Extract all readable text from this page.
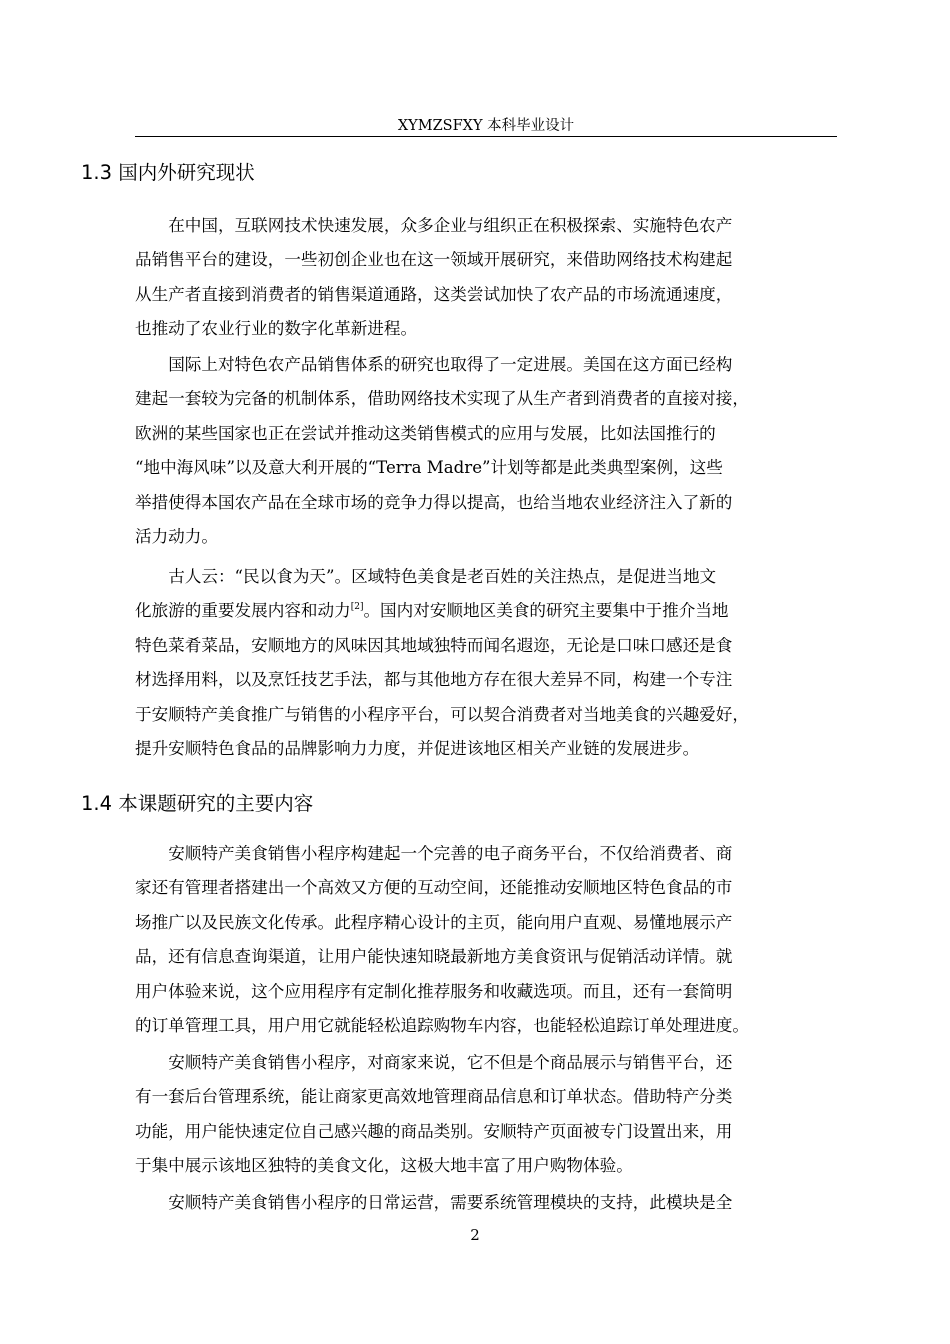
XYMZSFXY 本科毕业设计
1.3 国内外研究现状
在中国，互联网技术快速发展，众多企业与组织正在积极探索、实施特色农产
品销售平台的建设，一些初创企业也在这一领域开展研究，来借助网络技术构建起
从生产者直接到消费者的销售渠道通路，这类尝试加快了农产品的市场流通速度，
也推动了农业行业的数字化革新进程。
国际上对特色农产品销售体系的研究也取得了一定进展。美国在这方面已经构
建起一套较为完备的机制体系，借助网络技术实现了从生产者到消费者的直接对接，
欧洲的某些国家也正在尝试并推动这类销售模式的应用与发展，比如法国推行的
“地中海风味”以及意大利开展的“Terra Madre”计划等都是此类典型案例，这些
举措使得本国农产品在全球市场的竞争力得以提高，也给当地农业经济注入了新的
活力动力。
古人云：“民以食为天”。区域特色美食是老百姓的关注热点，是促进当地文
化旅游的重要发展内容和动力[2]。国内对安顺地区美食的研究主要集中于推介当地
特色菜肴菜品，安顺地方的风味因其地域独特而闻名遐迩，无论是口味口感还是食
材选择用料，以及烹饪技艺手法，都与其他地方存在很大差异不同，构建一个专注
于安顺特产美食推广与销售的小程序平台，可以契合消费者对当地美食的兴趣爱好，
提升安顺特色食品的品牌影响力力度，并促进该地区相关产业链的发展进步。
1.4 本课题研究的主要内容
安顺特产美食销售小程序构建起一个完善的电子商务平台，不仅给消费者、商
家还有管理者搭建出一个高效又方便的互动空间，还能推动安顺地区特色食品的市
场推广以及民族文化传承。此程序精心设计的主页，能向用户直观、易懂地展示产
品，还有信息查询渠道，让用户能快速知晓最新地方美食资讯与促销活动详情。就
用户体验来说，这个应用程序有定制化推荐服务和收藏选项。而且，还有一套简明
的订单管理工具，用户用它就能轻松追踪购物车内容，也能轻松追踪订单处理进度。
安顺特产美食销售小程序，对商家来说，它不但是个商品展示与销售平台，还
有一套后台管理系统，能让商家更高效地管理商品信息和订单状态。借助特产分类
功能，用户能快速定位自己感兴趣的商品类别。安顺特产页面被专门设置出来，用
于集中展示该地区独特的美食文化，这极大地丰富了用户购物体验。
安顺特产美食销售小程序的日常运营，需要系统管理模块的支持，此模块是全
2
